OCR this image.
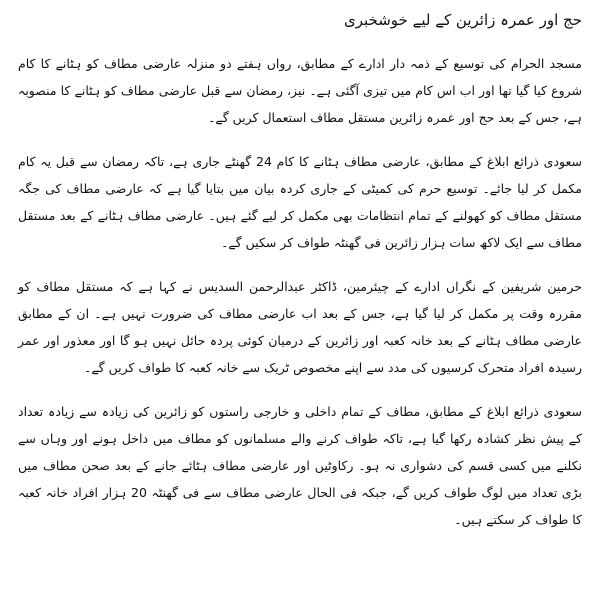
حج اور عمرہ زائرین کے لیے خوشخبری

مسجد الحرام کی توسیع کے ذمہ دار ادارے کے مطابق، رواں ہفتے دو منزلہ عارضی مطاف کو ہٹانے کا کام شروع کیا گیا تھا اور اب اس کام میں تیزی آگئی ہے۔ نیز، رمضان سے قبل عارضی مطاف کو ہٹانے کا منصوبہ ہے، جس کے بعد حج اور عمرہ زائرین مستقل مطاف استعمال کریں گے۔

سعودی ذرائع ابلاغ کے مطابق، عارضی مطاف ہٹانے کا کام 24 گھنٹے جاری ہے، تاکہ رمضان سے قبل یہ کام مکمل کر لیا جائے۔ توسیع حرم کی کمیٹی کے جاری کردہ بیان میں بتایا گیا ہے کہ عارضی مطاف کی جگہ مستقل مطاف کو کھولنے کے تمام انتظامات بھی مکمل کر لیے گئے ہیں۔ عارضی مطاف ہٹانے کے بعد مستقل مطاف سے ایک لاکھ سات ہزار زائرین فی گھنٹہ طواف کر سکیں گے۔

حرمین شریفین کے نگراں ادارے کے چیئرمین، ڈاکٹر عبدالرحمن السدیس نے کہا ہے کہ مستقل مطاف کو مقررہ وقت پر مکمل کر لیا گیا ہے، جس کے بعد اب عارضی مطاف کی ضرورت نہیں ہے۔ ان کے مطابق عارضی مطاف ہٹانے کے بعد خانہ کعبہ اور زائرین کے درمیان کوئی پردہ حائل نہیں ہو گا اور معذور اور عمر رسیدہ افراد متحرک کرسیوں کی مدد سے اپنے مخصوص ٹریک سے خانہ کعبہ کا طواف کریں گے۔

سعودی ذرائع ابلاغ کے مطابق، مطاف کے تمام داخلی و خارجی راستوں کو زائرین کی زیادہ سے زیادہ تعداد کے پیش نظر کشادہ رکھا گیا ہے، تاکہ طواف کرنے والے مسلمانوں کو مطاف میں داخل ہونے اور وہاں سے نکلنے میں کسی قسم کی دشواری نہ ہو۔ رکاوٹیں اور عارضی مطاف ہٹائے جانے کے بعد صحن مطاف میں بڑی تعداد میں لوگ طواف کریں گے، جبکہ فی الحال عارضی مطاف سے فی گھنٹہ 20 ہزار افراد خانہ کعبہ کا طواف کر سکتے ہیں۔
